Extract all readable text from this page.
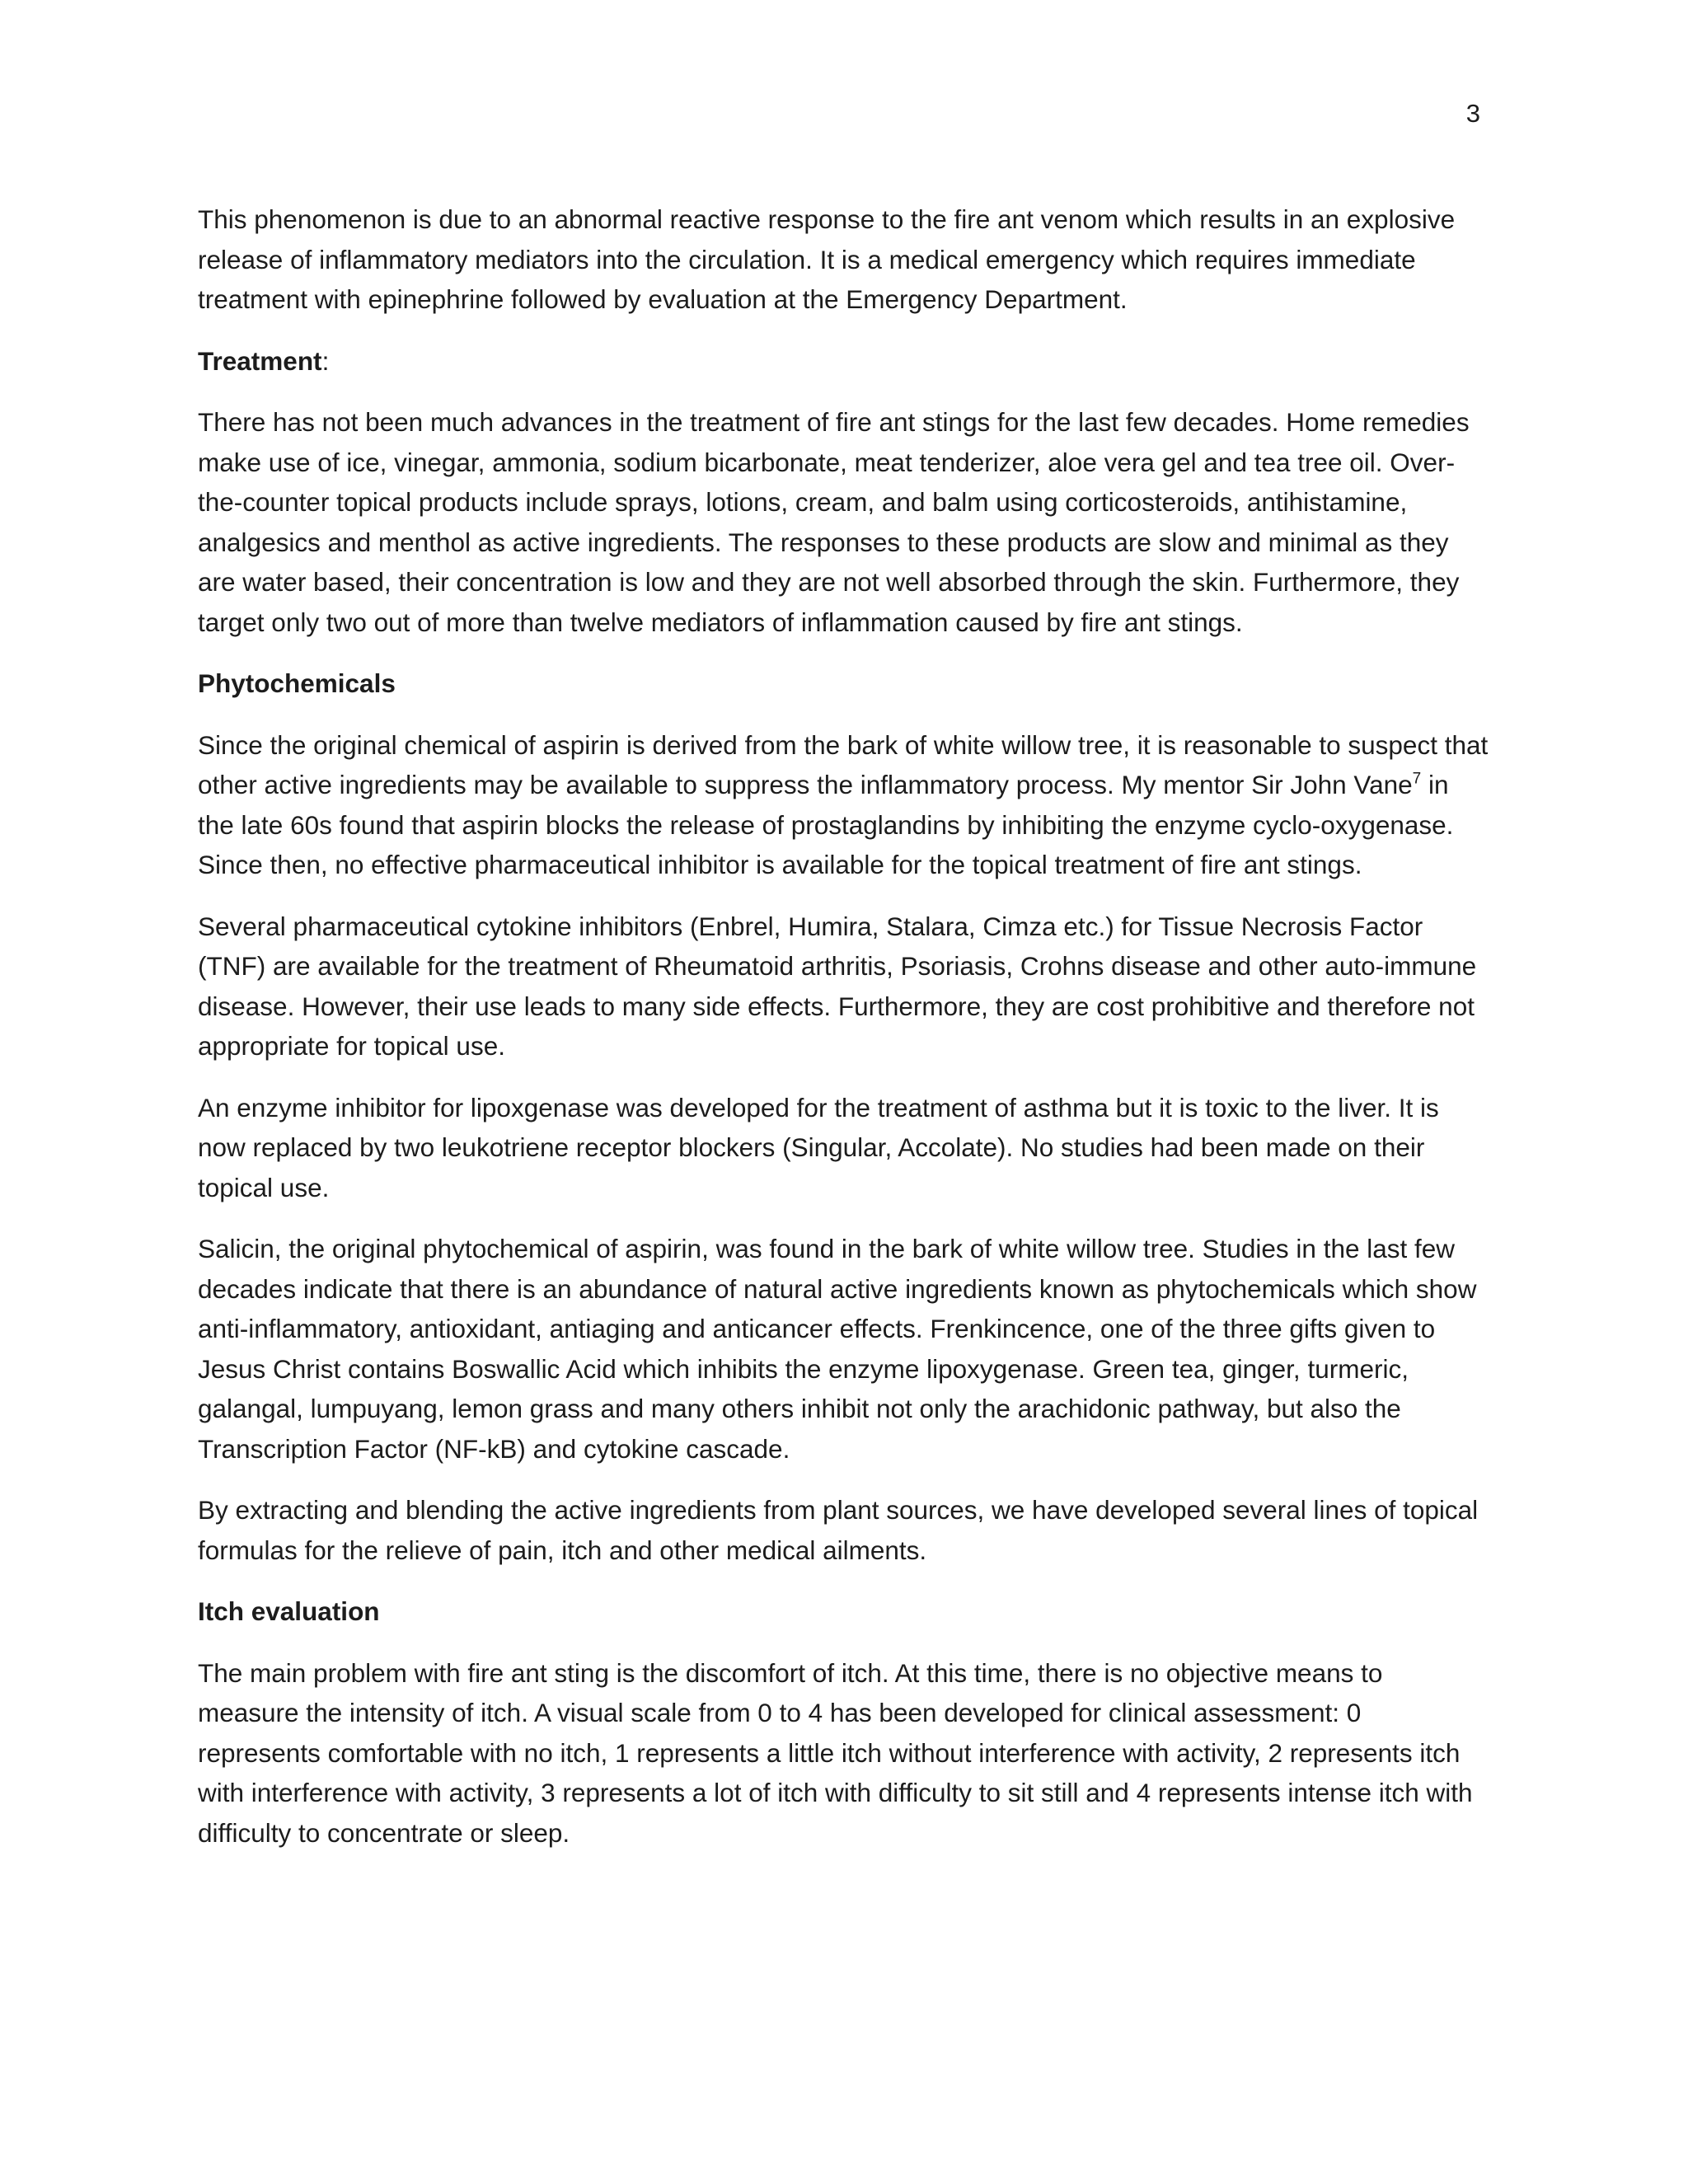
3

This phenomenon is due to an abnormal reactive response to the fire ant venom which results in an explosive release of inflammatory mediators into the circulation. It is a medical emergency which requires immediate treatment with epinephrine followed by evaluation at the Emergency Department.

Treatment:

There has not been much advances in the treatment of fire ant stings for the last few decades. Home remedies make use of ice, vinegar, ammonia, sodium bicarbonate, meat tenderizer, aloe vera gel and tea tree oil. Over-the-counter topical products include sprays, lotions, cream, and balm using corticosteroids, antihistamine, analgesics and menthol as active ingredients. The responses to these products are slow and minimal as they are water based, their concentration is low and they are not well absorbed through the skin. Furthermore, they target only two out of more than twelve mediators of inflammation caused by fire ant stings.

Phytochemicals

Since the original chemical of aspirin is derived from the bark of white willow tree, it is reasonable to suspect that other active ingredients may be available to suppress the inflammatory process. My mentor Sir John Vane$^7$ in the late 60s found that aspirin blocks the release of prostaglandins by inhibiting the enzyme cyclo-oxygenase. Since then, no effective pharmaceutical inhibitor is available for the topical treatment of fire ant stings.

Several pharmaceutical cytokine inhibitors (Enbrel, Humira, Stalara, Cimza etc.) for Tissue Necrosis Factor (TNF) are available for the treatment of Rheumatoid arthritis, Psoriasis, Crohns disease and other auto-immune disease. However, their use leads to many side effects. Furthermore, they are cost prohibitive and therefore not appropriate for topical use.

An enzyme inhibitor for lipoxgenase was developed for the treatment of asthma but it is toxic to the liver. It is now replaced by two leukotriene receptor blockers (Singular, Accolate). No studies had been made on their topical use.

Salicin, the original phytochemical of aspirin, was found in the bark of white willow tree. Studies in the last few decades indicate that there is an abundance of natural active ingredients known as phytochemicals which show anti-inflammatory, antioxidant, antiaging and anticancer effects. Frenkincence, one of the three gifts given to Jesus Christ contains Boswallic Acid which inhibits the enzyme lipoxygenase. Green tea, ginger, turmeric, galangal, lumpuyang, lemon grass and many others inhibit not only the arachidonic pathway, but also the Transcription Factor (NF-kB) and cytokine cascade.

By extracting and blending the active ingredients from plant sources, we have developed several lines of topical formulas for the relieve of pain, itch and other medical ailments.

Itch evaluation

The main problem with fire ant sting is the discomfort of itch. At this time, there is no objective means to measure the intensity of itch. A visual scale from 0 to 4 has been developed for clinical assessment: 0 represents comfortable with no itch, 1 represents a little itch without interference with activity, 2 represents itch with interference with activity, 3 represents a lot of itch with difficulty to sit still and 4 represents intense itch with difficulty to concentrate or sleep.
